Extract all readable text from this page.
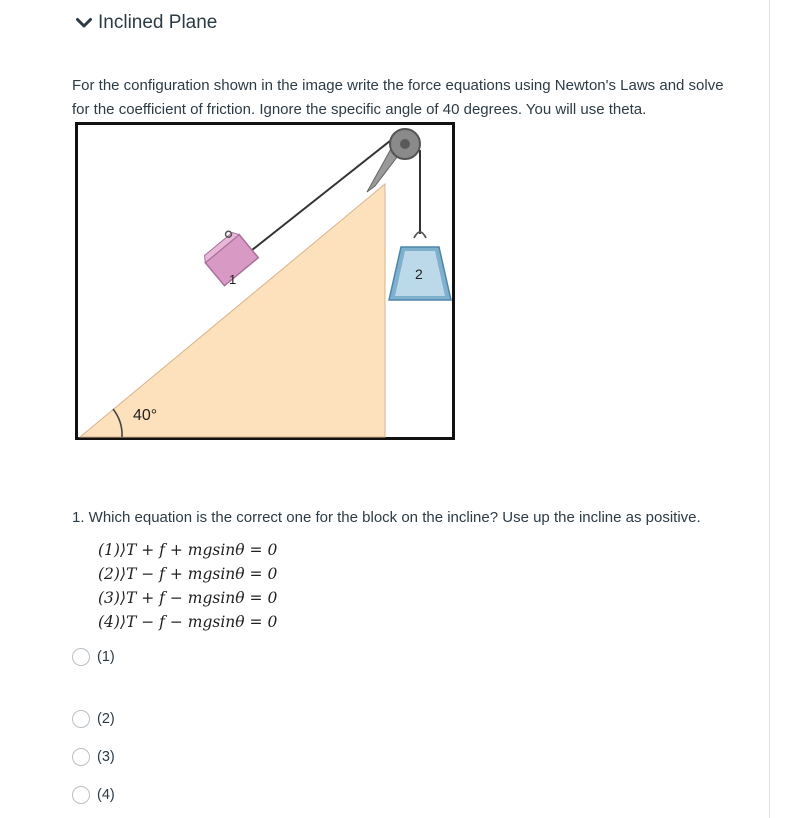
Inclined Plane
For the configuration shown in the image write the force equations using Newton's Laws and solve for the coefficient of friction. Ignore the specific angle of 40 degrees. You will use theta.
40°
1	2
1. Which equation is the correct one for the block on the incline? Use up the incline as positive.
(1)⟩T + f + mgsinθ = 0
(2)⟩T − f + mgsinθ = 0
(3)⟩T + f − mgsinθ = 0
(4)⟩T − f − mgsinθ = 0
(1)
(2)
(3)
(4)
